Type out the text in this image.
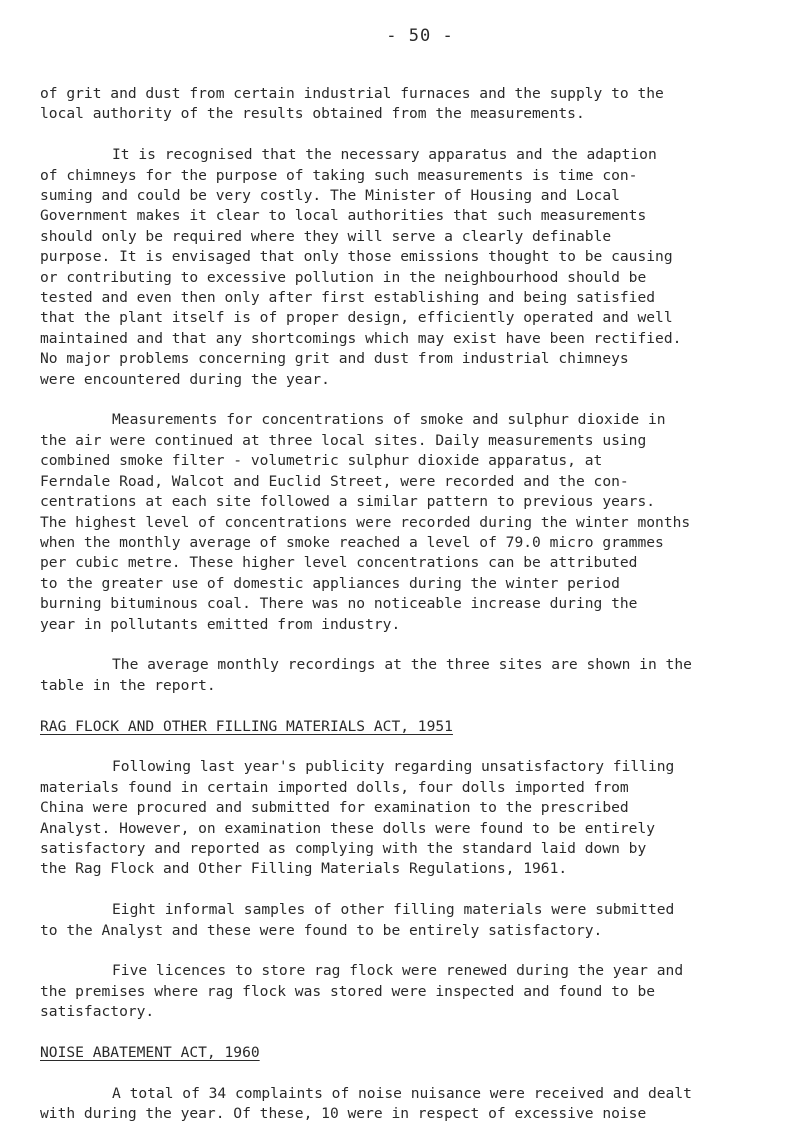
- 50 -

of grit and dust from certain industrial furnaces and the supply to the
local authority of the results obtained from the measurements.

It is recognised that the necessary apparatus and the adaption
of chimneys for the purpose of taking such measurements is time con-
suming and could be very costly. The Minister of Housing and Local
Government makes it clear to local authorities that such measurements
should only be required where they will serve a clearly definable
purpose. It is envisaged that only those emissions thought to be causing
or contributing to excessive pollution in the neighbourhood should be
tested and even then only after first establishing and being satisfied
that the plant itself is of proper design, efficiently operated and well
maintained and that any shortcomings which may exist have been rectified.
No major problems concerning grit and dust from industrial chimneys
were encountered during the year.

Measurements for concentrations of smoke and sulphur dioxide in
the air were continued at three local sites. Daily measurements using
combined smoke filter - volumetric sulphur dioxide apparatus, at
Ferndale Road, Walcot and Euclid Street, were recorded and the con-
centrations at each site followed a similar pattern to previous years.
The highest level of concentrations were recorded during the winter months
when the monthly average of smoke reached a level of 79.0 micro grammes
per cubic metre. These higher level concentrations can be attributed
to the greater use of domestic appliances during the winter period
burning bituminous coal. There was no noticeable increase during the
year in pollutants emitted from industry.

The average monthly recordings at the three sites are shown in the
table in the report.

RAG FLOCK AND OTHER FILLING MATERIALS ACT, 1951

Following last year's publicity regarding unsatisfactory filling
materials found in certain imported dolls, four dolls imported from
China were procured and submitted for examination to the prescribed
Analyst. However, on examination these dolls were found to be entirely
satisfactory and reported as complying with the standard laid down by
the Rag Flock and Other Filling Materials Regulations, 1961.

Eight informal samples of other filling materials were submitted
to the Analyst and these were found to be entirely satisfactory.

Five licences to store rag flock were renewed during the year and
the premises where rag flock was stored were inspected and found to be
satisfactory.

NOISE ABATEMENT ACT, 1960

A total of 34 complaints of noise nuisance were received and dealt
with during the year. Of these, 10 were in respect of excessive noise
